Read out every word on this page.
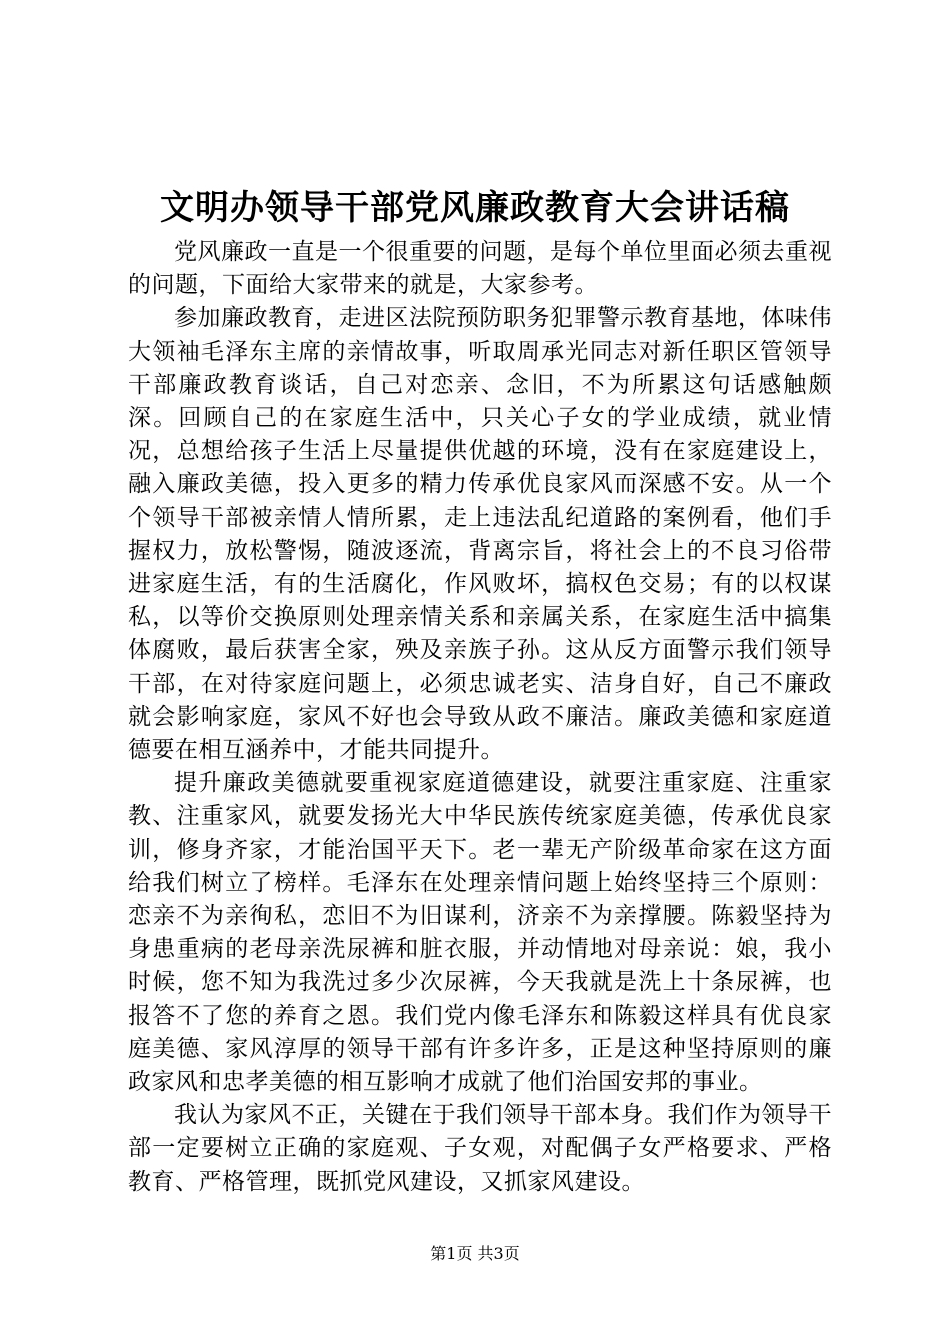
文明办领导干部党风廉政教育大会讲话稿

党风廉政一直是一个很重要的问题，是每个单位里面必须去重视的问题，下面给大家带来的就是，大家参考。

参加廉政教育，走进区法院预防职务犯罪警示教育基地，体味伟大领袖毛泽东主席的亲情故事，听取周承光同志对新任职区管领导干部廉政教育谈话，自己对恋亲、念旧，不为所累这句话感触颇深。回顾自己的在家庭生活中，只关心子女的学业成绩，就业情况，总想给孩子生活上尽量提供优越的环境，没有在家庭建设上，融入廉政美德，投入更多的精力传承优良家风而深感不安。从一个个领导干部被亲情人情所累，走上违法乱纪道路的案例看，他们手握权力，放松警惕，随波逐流，背离宗旨，将社会上的不良习俗带进家庭生活，有的生活腐化，作风败坏，搞权色交易；有的以权谋私，以等价交换原则处理亲情关系和亲属关系，在家庭生活中搞集体腐败，最后获害全家，殃及亲族子孙。这从反方面警示我们领导干部，在对待家庭问题上，必须忠诚老实、洁身自好，自己不廉政就会影响家庭，家风不好也会导致从政不廉洁。廉政美德和家庭道德要在相互涵养中，才能共同提升。

提升廉政美德就要重视家庭道德建设，就要注重家庭、注重家教、注重家风，就要发扬光大中华民族传统家庭美德，传承优良家训，修身齐家，才能治国平天下。老一辈无产阶级革命家在这方面给我们树立了榜样。毛泽东在处理亲情问题上始终坚持三个原则：恋亲不为亲徇私，恋旧不为旧谋利，济亲不为亲撑腰。陈毅坚持为身患重病的老母亲洗尿裤和脏衣服，并动情地对母亲说：娘，我小时候，您不知为我洗过多少次尿裤，今天我就是洗上十条尿裤，也报答不了您的养育之恩。我们党内像毛泽东和陈毅这样具有优良家庭美德、家风淳厚的领导干部有许多许多，正是这种坚持原则的廉政家风和忠孝美德的相互影响才成就了他们治国安邦的事业。

我认为家风不正，关键在于我们领导干部本身。我们作为领导干部一定要树立正确的家庭观、子女观，对配偶子女严格要求、严格教育、严格管理，既抓党风建设，又抓家风建设。

第1页 共3页
